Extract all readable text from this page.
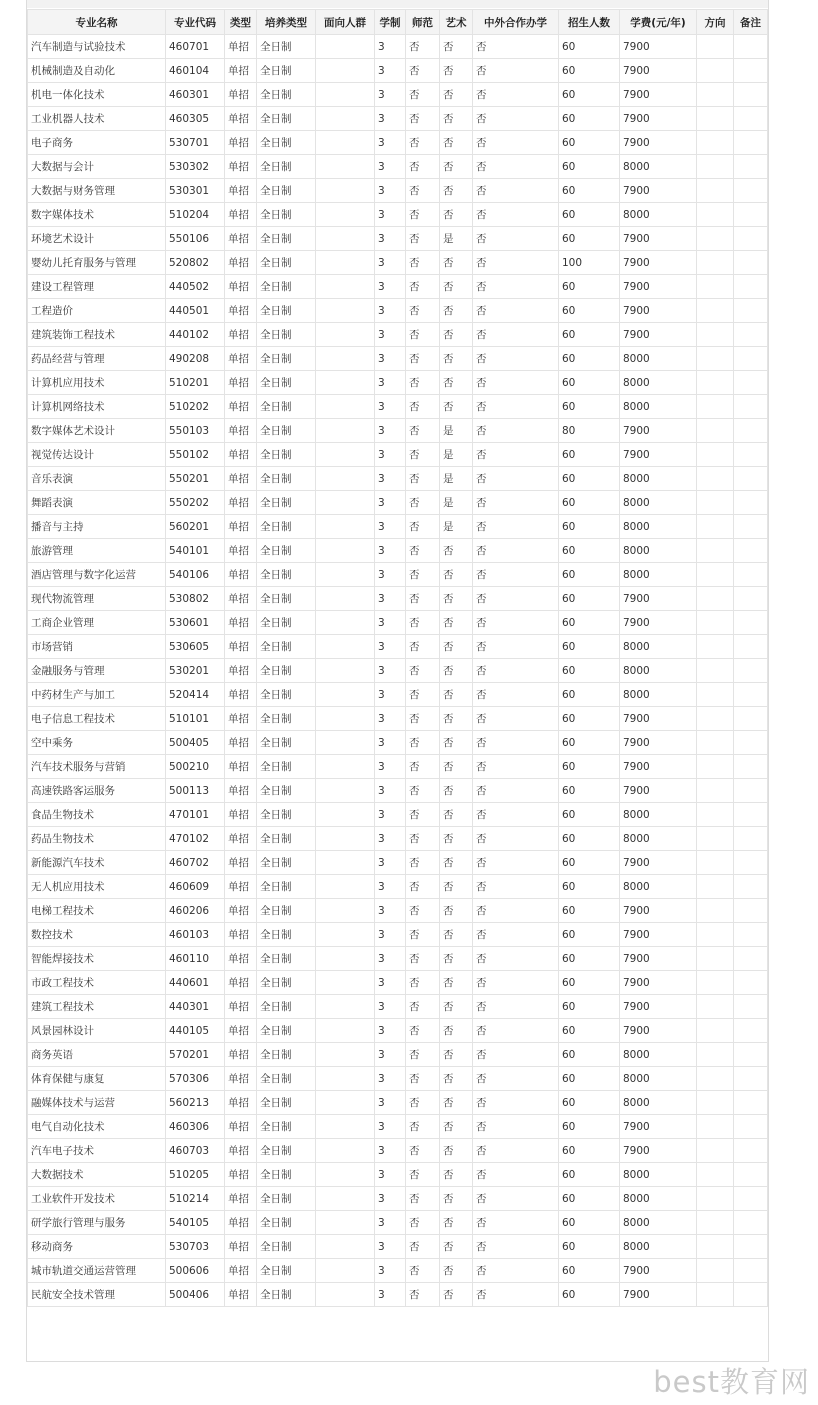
专业名称	专业代码	类型	培养类型	面向人群	学制	师范	艺术	中外合作办学	招生人数	学费(元/年)	方向	备注
汽车制造与试验技术	460701	单招	全日制		3	否	否	否	60	7900		
机械制造及自动化	460104	单招	全日制		3	否	否	否	60	7900		
机电一体化技术	460301	单招	全日制		3	否	否	否	60	7900		
工业机器人技术	460305	单招	全日制		3	否	否	否	60	7900		
电子商务	530701	单招	全日制		3	否	否	否	60	7900		
大数据与会计	530302	单招	全日制		3	否	否	否	60	8000		
大数据与财务管理	530301	单招	全日制		3	否	否	否	60	7900		
数字媒体技术	510204	单招	全日制		3	否	否	否	60	8000		
环境艺术设计	550106	单招	全日制		3	否	是	否	60	7900		
婴幼儿托育服务与管理	520802	单招	全日制		3	否	否	否	100	7900		
建设工程管理	440502	单招	全日制		3	否	否	否	60	7900		
工程造价	440501	单招	全日制		3	否	否	否	60	7900		
建筑装饰工程技术	440102	单招	全日制		3	否	否	否	60	7900		
药品经营与管理	490208	单招	全日制		3	否	否	否	60	8000		
计算机应用技术	510201	单招	全日制		3	否	否	否	60	8000		
计算机网络技术	510202	单招	全日制		3	否	否	否	60	8000		
数字媒体艺术设计	550103	单招	全日制		3	否	是	否	80	7900		
视觉传达设计	550102	单招	全日制		3	否	是	否	60	7900		
音乐表演	550201	单招	全日制		3	否	是	否	60	8000		
舞蹈表演	550202	单招	全日制		3	否	是	否	60	8000		
播音与主持	560201	单招	全日制		3	否	是	否	60	8000		
旅游管理	540101	单招	全日制		3	否	否	否	60	8000		
酒店管理与数字化运营	540106	单招	全日制		3	否	否	否	60	8000		
现代物流管理	530802	单招	全日制		3	否	否	否	60	7900		
工商企业管理	530601	单招	全日制		3	否	否	否	60	7900		
市场营销	530605	单招	全日制		3	否	否	否	60	8000		
金融服务与管理	530201	单招	全日制		3	否	否	否	60	8000		
中药材生产与加工	520414	单招	全日制		3	否	否	否	60	8000		
电子信息工程技术	510101	单招	全日制		3	否	否	否	60	7900		
空中乘务	500405	单招	全日制		3	否	否	否	60	7900		
汽车技术服务与营销	500210	单招	全日制		3	否	否	否	60	7900		
高速铁路客运服务	500113	单招	全日制		3	否	否	否	60	7900		
食品生物技术	470101	单招	全日制		3	否	否	否	60	8000		
药品生物技术	470102	单招	全日制		3	否	否	否	60	8000		
新能源汽车技术	460702	单招	全日制		3	否	否	否	60	7900		
无人机应用技术	460609	单招	全日制		3	否	否	否	60	8000		
电梯工程技术	460206	单招	全日制		3	否	否	否	60	7900		
数控技术	460103	单招	全日制		3	否	否	否	60	7900		
智能焊接技术	460110	单招	全日制		3	否	否	否	60	7900		
市政工程技术	440601	单招	全日制		3	否	否	否	60	7900		
建筑工程技术	440301	单招	全日制		3	否	否	否	60	7900		
风景园林设计	440105	单招	全日制		3	否	否	否	60	7900		
商务英语	570201	单招	全日制		3	否	否	否	60	8000		
体育保健与康复	570306	单招	全日制		3	否	否	否	60	8000		
融媒体技术与运营	560213	单招	全日制		3	否	否	否	60	8000		
电气自动化技术	460306	单招	全日制		3	否	否	否	60	7900		
汽车电子技术	460703	单招	全日制		3	否	否	否	60	7900		
大数据技术	510205	单招	全日制		3	否	否	否	60	8000		
工业软件开发技术	510214	单招	全日制		3	否	否	否	60	8000		
研学旅行管理与服务	540105	单招	全日制		3	否	否	否	60	8000		
移动商务	530703	单招	全日制		3	否	否	否	60	8000		
城市轨道交通运营管理	500606	单招	全日制		3	否	否	否	60	7900		
民航安全技术管理	500406	单招	全日制		3	否	否	否	60	7900		
best教育网
